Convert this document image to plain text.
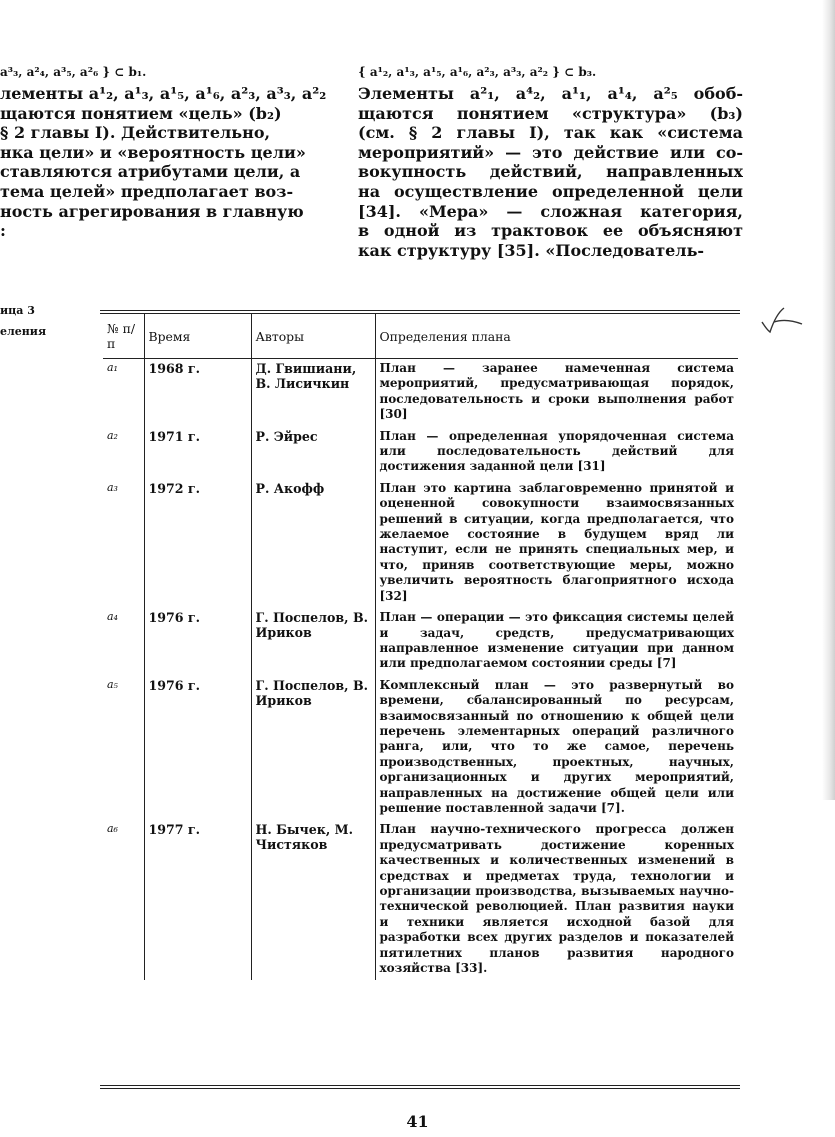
a³₃, a²₄, a³₅, a²₆ } ⊂ b₁.
лементы a¹₂, a¹₃, a¹₅, a¹₆, a²₃, a³₃, a²₂
щаются понятием «цель» (b₂)
§ 2 главы I). Действительно,
нка цели» и «вероятность цели»
ставляются атрибутами цели, а
тема целей» предполагает воз-
ность агрегирования в главную
:
{ a¹₂, a¹₃, a¹₅, a¹₆, a²₃, a³₃, a²₂ } ⊂ b₃.
Элементы a²₁, a⁴₂, a¹₁, a¹₄, a²₅ обоб-
щаются понятием «структура» (b₃)
(см. § 2 главы I), так как «система
мероприятий» — это действие или со-
вокупность действий, направленных
на осуществление определенной цели
[34]. «Мера» — сложная категория,
в одной из трактовок ее объясняют
как структуру [35]. «Последователь-
ица 3
еления	№ п/п	Время	Авторы	Определения плана
a₁	1968 г.	Д. Гвишиани, В. Лисичкин	План — заранее намеченная система мероприятий, предусматривающая порядок, последовательность и сроки выполнения работ [30]
a₂	1971 г.	Р. Эйрес	План — определенная упорядоченная система или последовательность действий для достижения заданной цели [31]
a₃	1972 г.	Р. Акофф	План это картина заблаговременно принятой и оцененной совокупности взаимосвязанных решений в ситуации, когда предполагается, что желаемое состояние в будущем вряд ли наступит, если не принять специальных мер, и что, приняв соответствующие меры, можно увеличить вероятность благоприятного исхода [32]
a₄	1976 г.	Г. Поспелов, В. Ириков	План — операции — это фиксация системы целей и задач, средств, предусматривающих направленное изменение ситуации при данном или предполагаемом состоянии среды [7]
a₅	1976 г.	Г. Поспелов, В. Ириков	Комплексный план — это развернутый во времени, сбалансированный по ресурсам, взаимосвязанный по отношению к общей цели перечень элементарных операций различного ранга, или, что то же самое, перечень производственных, проектных, научных, организационных и других мероприятий, направленных на достижение общей цели или решение поставленной задачи [7].
a₆	1977 г.	Н. Бычек, М. Чистяков	План научно-технического прогресса должен предусматривать достижение коренных качественных и количественных изменений в средствах и предметах труда, технологии и организации производства, вызываемых научно-технической революцией. План развития науки и техники является исходной базой для разработки всех других разделов и показателей пятилетних планов развития народного хозяйства [33].
41
